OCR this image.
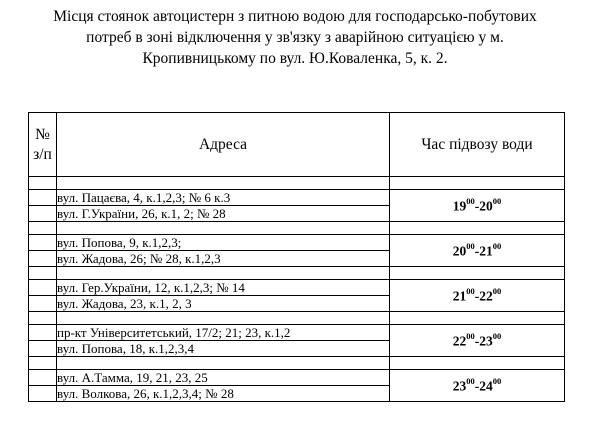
Місця стоянок автоцистерн з питною водою для господарсько-побутових
потреб в зоні відключення у зв'язку з аварійною ситуацією у м.
Кропивницькому по вул. Ю.Коваленка, 5, к. 2.
№
з/п	Адреса	Час підвозу води

	вул. Пацаєва, 4, к.1,2,3; № 6 к.3	$19^{00}-20^{00}$
	вул. Г.України, 26, к.1, 2; № 28	

	вул. Попова, 9, к.1,2,3;	$20^{00}-21^{00}$
	вул. Жадова, 26; № 28, к.1,2,3	

	вул. Гер.України, 12, к.1,2,3; № 14	$21^{00}-22^{00}$
	вул. Жадова, 23, к.1, 2, 3	

	пр-кт Університетський, 17/2; 21; 23, к.1,2	$22^{00}-23^{00}$
	вул. Попова, 18, к.1,2,3,4	

	вул. А.Тамма, 19, 21, 23, 25	$23^{00}-24^{00}$
	вул. Волкова, 26, к.1,2,3,4; № 28	
